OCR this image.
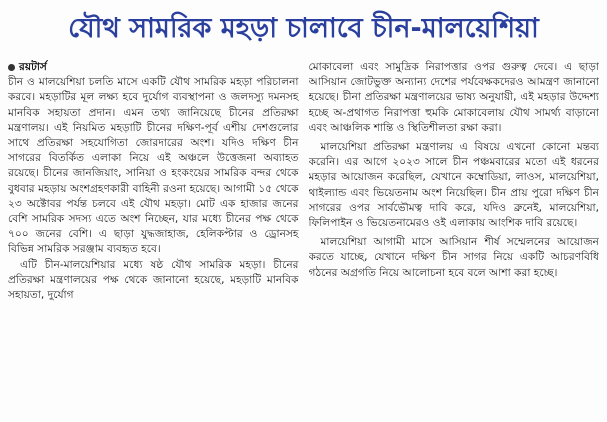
যৌথ সামরিক মহড়া চালাবে চীন-মালয়েশিয়া
রয়টার্স

চীন ও মালয়েশিয়া চলতি মাসে একটি যৌথ সামরিক মহড়া পরিচালনা করবে। মহড়াটির মূল লক্ষ্য হবে দুর্যোগ ব্যবস্থাপনা ও জলদস্যু দমনসহ মানবিক সহায়তা প্রদান। এমন তথ্য জানিয়েছে চীনের প্রতিরক্ষা মন্ত্রণালয়। এই নিয়মিত মহড়াটি চীনের দক্ষিণ-পূর্ব এশীয় দেশগুলোর সাথে প্রতিরক্ষা সহযোগিতা জোরদারের অংশ। যদিও দক্ষিণ চীন সাগরের বিতর্কিত এলাকা নিয়ে এই অঞ্চলে উত্তেজনা অব্যাহত রয়েছে। চীনের জানজিয়াং, সানিয়া ও হংকংয়ের সামরিক বন্দর থেকে বুধবার মহড়ায় অংশগ্রহণকারী বাহিনী রওনা হয়েছে। আগামী ১৫ থেকে ২৩ অক্টোবর পর্যন্ত চলবে এই যৌথ মহড়া। মোট এক হাজার জনের বেশি সামরিক সদস্য এতে অংশ নিচ্ছেন, যার মধ্যে চীনের পক্ষ থেকে ৭০০ জনের বেশি। এ ছাড়া যুদ্ধজাহাজ, হেলিকপ্টার ও ড্রোনসহ বিভিন্ন সামরিক সরঞ্জাম ব্যবহৃত হবে।

এটি চীন-মালয়েশিয়ার মধ্যে ষষ্ঠ যৌথ সামরিক মহড়া। চীনের প্রতিরক্ষা মন্ত্রণালয়ের পক্ষ থেকে জানানো হয়েছে, মহড়াটি মানবিক সহায়তা, দুর্যোগ

মোকাবেলা এবং সামুদ্রিক নিরাপত্তার ওপর গুরুত্ব দেবে। এ ছাড়া আসিয়ান জোটভুক্ত অন্যান্য দেশের পর্যবেক্ষকদেরও আমন্ত্রণ জানানো হয়েছে। চীনা প্রতিরক্ষা মন্ত্রণালয়ের ভাষ্য অনুযায়ী, এই মহড়ার উদ্দেশ্য হচ্ছে অ-প্রথাগত নিরাপত্তা হুমকি মোকাবেলায় যৌথ সামর্থ্য বাড়ানো এবং আঞ্চলিক শান্তি ও স্থিতিশীলতা রক্ষা করা।

মালয়েশিয়া প্রতিরক্ষা মন্ত্রণালয় এ বিষয়ে এখনো কোনো মন্তব্য করেনি। এর আগে ২০২৩ সালে চীন পঞ্চমবারের মতো এই ধরনের মহড়ার আয়োজন করেছিল, যেখানে কম্বোডিয়া, লাওস, মালয়েশিয়া, থাইল্যান্ড এবং ভিয়েতনাম অংশ নিয়েছিল। চীন প্রায় পুরো দক্ষিণ চীন সাগরের ওপর সার্বভৌমত্ব দাবি করে, যদিও ব্রুনেই, মালয়েশিয়া, ফিলিপাইন ও ভিয়েতনামেরও ওই এলাকায় আংশিক দাবি রয়েছে।

মালয়েশিয়া আগামী মাসে আসিয়ান শীর্ষ সম্মেলনের আয়োজন করতে যাচ্ছে, যেখানে দক্ষিণ চীন সাগর নিয়ে একটি আচরণবিধি গঠনের অগ্রগতি নিয়ে আলোচনা হবে বলে আশা করা হচ্ছে।
